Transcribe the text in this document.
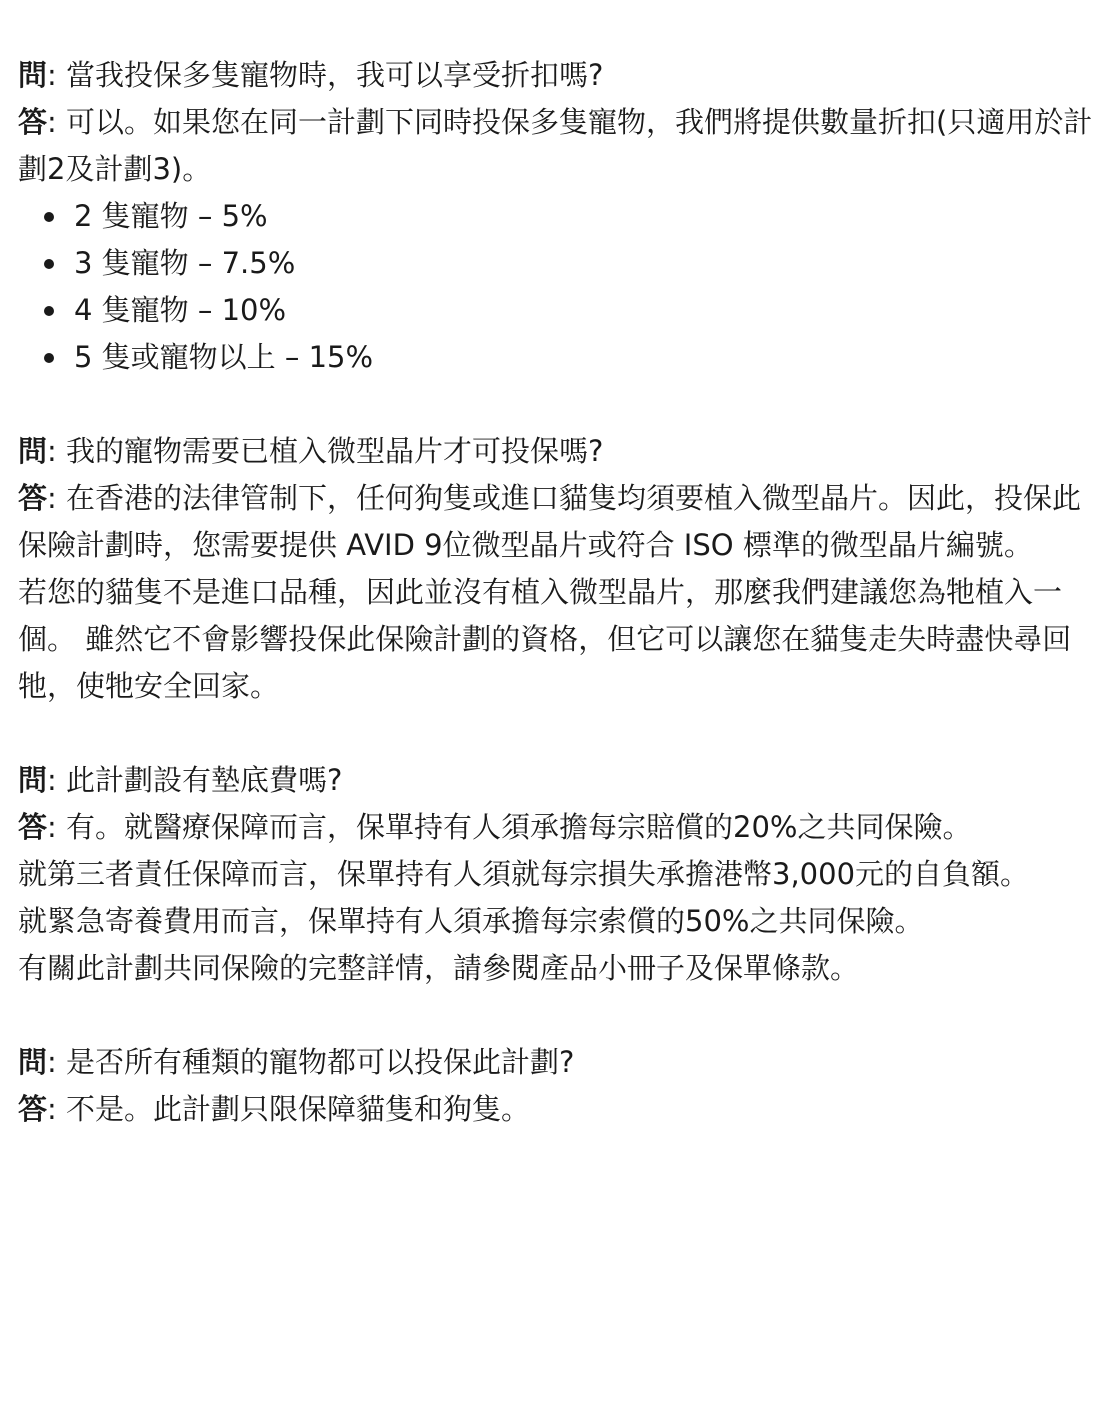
問: 當我投保多隻寵物時，我可以享受折扣嗎?
答: 可以。如果您在同一計劃下同時投保多隻寵物，我們將提供數量折扣(只適用於計劃2及計劃3)。
2 隻寵物 – 5%
3 隻寵物 – 7.5%
4 隻寵物 – 10%
5 隻或寵物以上 – 15%
問: 我的寵物需要已植入微型晶片才可投保嗎?
答: 在香港的法律管制下，任何狗隻或進口貓隻均須要植入微型晶片。因此，投保此保險計劃時，您需要提供 AVID 9位微型晶片或符合 ISO 標準的微型晶片編號。
若您的貓隻不是進口品種，因此並沒有植入微型晶片，那麼我們建議您為牠植入一個。 雖然它不會影響投保此保險計劃的資格，但它可以讓您在貓隻走失時盡快尋回牠，使牠安全回家。
問: 此計劃設有墊底費嗎?
答: 有。就醫療保障而言，保單持有人須承擔每宗賠償的20%之共同保險。
就第三者責任保障而言，保單持有人須就每宗損失承擔港幣3,000元的自負額。
就緊急寄養費用而言，保單持有人須承擔每宗索償的50%之共同保險。
有關此計劃共同保險的完整詳情，請參閱產品小冊子及保單條款。
問: 是否所有種類的寵物都可以投保此計劃?
答: 不是。此計劃只限保障貓隻和狗隻。
